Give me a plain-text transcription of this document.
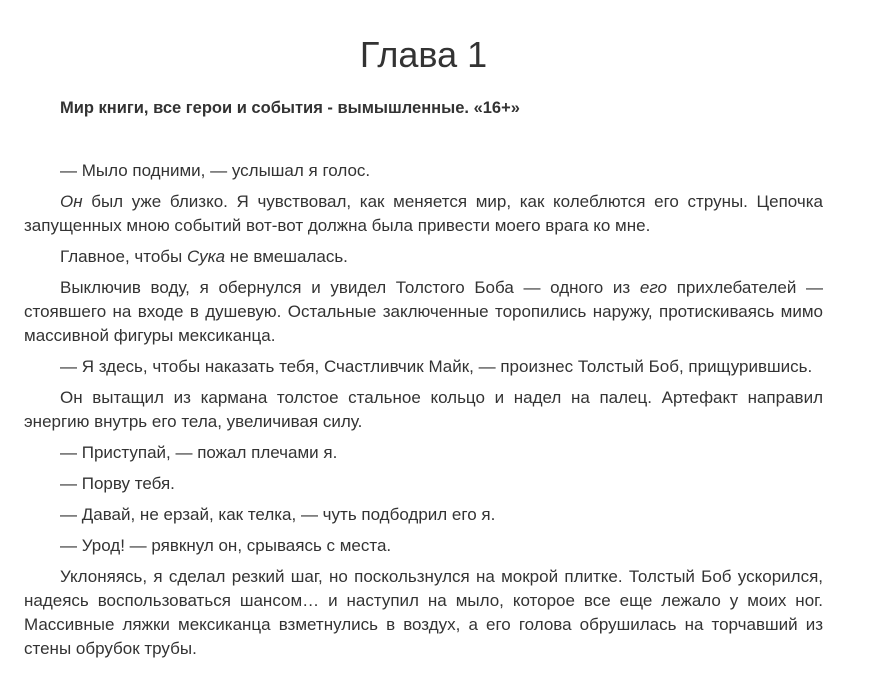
Глава 1

Мир книги, все герои и события - вымышленные. «16+»

— Мыло подними, — услышал я голос.

Он был уже близко. Я чувствовал, как меняется мир, как колеблются его струны. Цепочка запущенных мною событий вот-вот должна была привести моего врага ко мне.

Главное, чтобы Сука не вмешалась.

Выключив воду, я обернулся и увидел Толстого Боба — одного из его прихлебателей — стоявшего на входе в душевую. Остальные заключенные торопились наружу, протискиваясь мимо массивной фигуры мексиканца.

— Я здесь, чтобы наказать тебя, Счастливчик Майк, — произнес Толстый Боб, прищурившись.

Он вытащил из кармана толстое стальное кольцо и надел на палец. Артефакт направил энергию внутрь его тела, увеличивая силу.

— Приступай, — пожал плечами я.

— Порву тебя.

— Давай, не ерзай, как телка, — чуть подбодрил его я.

— Урод! — рявкнул он, срываясь с места.

Уклоняясь, я сделал резкий шаг, но поскользнулся на мокрой плитке. Толстый Боб ускорился, надеясь воспользоваться шансом… и наступил на мыло, которое все еще лежало у моих ног. Массивные ляжки мексиканца взметнулись в воздух, а его голова обрушилась на торчавший из стены обрубок трубы.
